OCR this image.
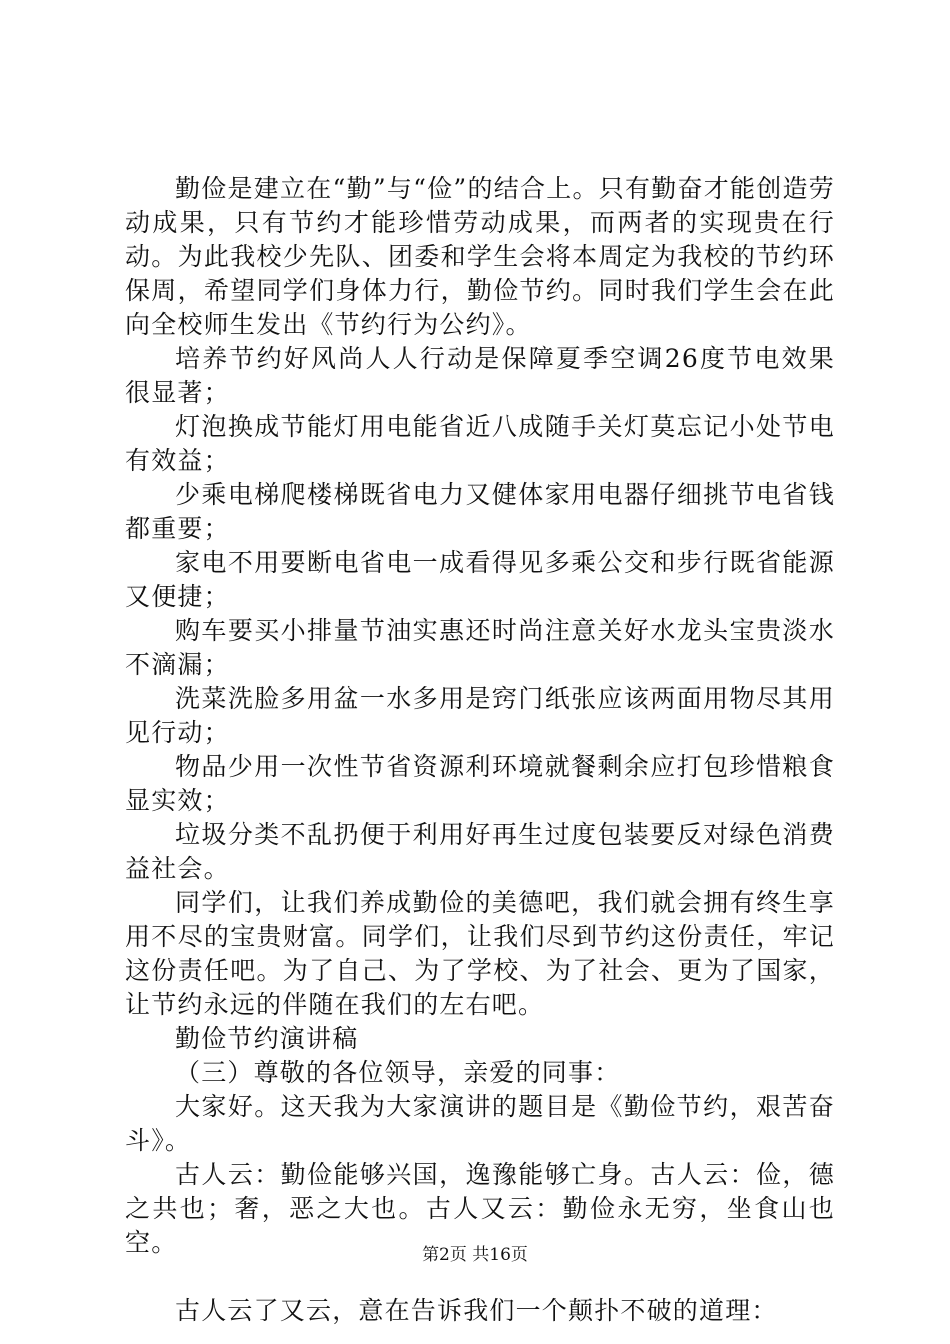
勤俭是建立在“勤”与“俭”的结合上。只有勤奋才能创造劳动成果，只有节约才能珍惜劳动成果，而两者的实现贵在行动。为此我校少先队、团委和学生会将本周定为我校的节约环保周，希望同学们身体力行，勤俭节约。同时我们学生会在此向全校师生发出《节约行为公约》。

培养节约好风尚人人行动是保障夏季空调26度节电效果很显著；

灯泡换成节能灯用电能省近八成随手关灯莫忘记小处节电有效益；

少乘电梯爬楼梯既省电力又健体家用电器仔细挑节电省钱都重要；

家电不用要断电省电一成看得见多乘公交和步行既省能源又便捷；

购车要买小排量节油实惠还时尚注意关好水龙头宝贵淡水不滴漏；

洗菜洗脸多用盆一水多用是窍门纸张应该两面用物尽其用见行动；

物品少用一次性节省资源利环境就餐剩余应打包珍惜粮食显实效；

垃圾分类不乱扔便于利用好再生过度包装要反对绿色消费益社会。

同学们，让我们养成勤俭的美德吧，我们就会拥有终生享用不尽的宝贵财富。同学们，让我们尽到节约这份责任，牢记这份责任吧。为了自己、为了学校、为了社会、更为了国家，让节约永远的伴随在我们的左右吧。

勤俭节约演讲稿

（三）尊敬的各位领导，亲爱的同事：

大家好。这天我为大家演讲的题目是《勤俭节约，艰苦奋斗》。

古人云：勤俭能够兴国，逸豫能够亡身。古人云：俭，德之共也；奢，恶之大也。古人又云：勤俭永无穷，坐食山也空。

古人云了又云，意在告诉我们一个颠扑不破的道理：

第2页 共16页
